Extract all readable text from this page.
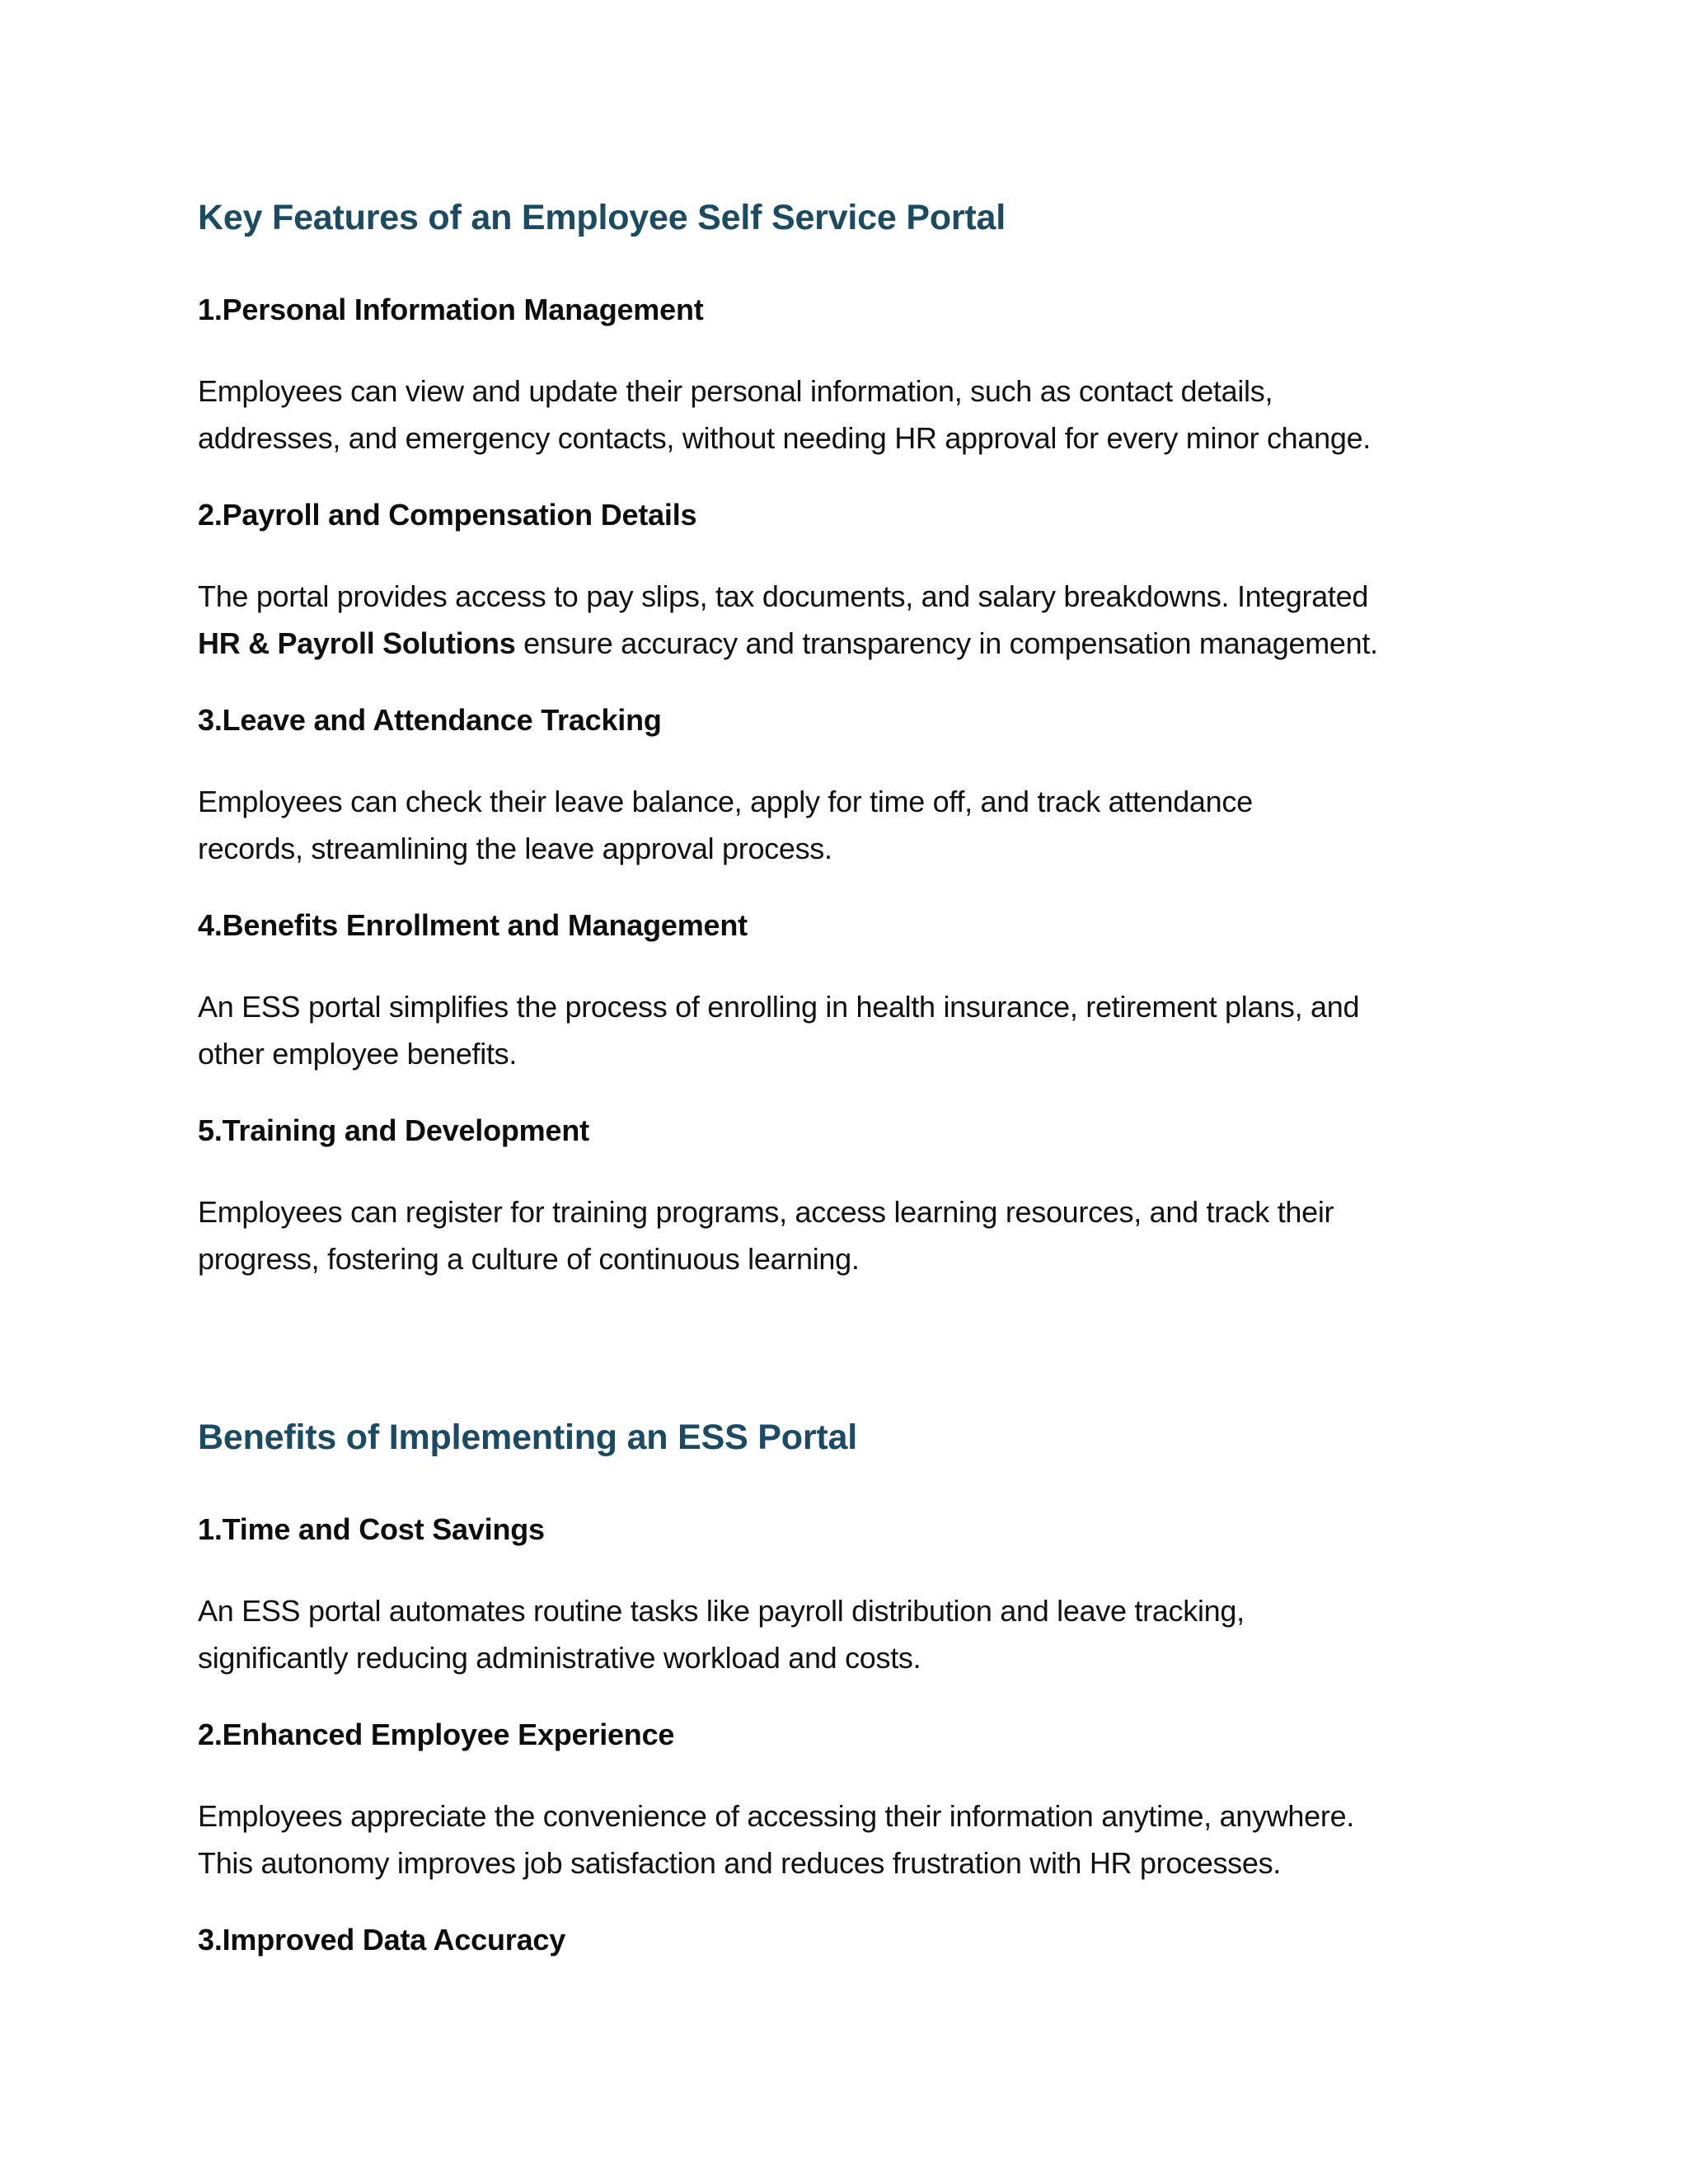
Key Features of an Employee Self Service Portal
1.Personal Information Management

Employees can view and update their personal information, such as contact details,
addresses, and emergency contacts, without needing HR approval for every minor change.

2.Payroll and Compensation Details

The portal provides access to pay slips, tax documents, and salary breakdowns. Integrated
HR & Payroll Solutions ensure accuracy and transparency in compensation management.

3.Leave and Attendance Tracking

Employees can check their leave balance, apply for time off, and track attendance
records, streamlining the leave approval process.

4.Benefits Enrollment and Management

An ESS portal simplifies the process of enrolling in health insurance, retirement plans, and
other employee benefits.

5.Training and Development

Employees can register for training programs, access learning resources, and track their
progress, fostering a culture of continuous learning.

Benefits of Implementing an ESS Portal
1.Time and Cost Savings

An ESS portal automates routine tasks like payroll distribution and leave tracking,
significantly reducing administrative workload and costs.

2.Enhanced Employee Experience

Employees appreciate the convenience of accessing their information anytime, anywhere.
This autonomy improves job satisfaction and reduces frustration with HR processes.

3.Improved Data Accuracy
